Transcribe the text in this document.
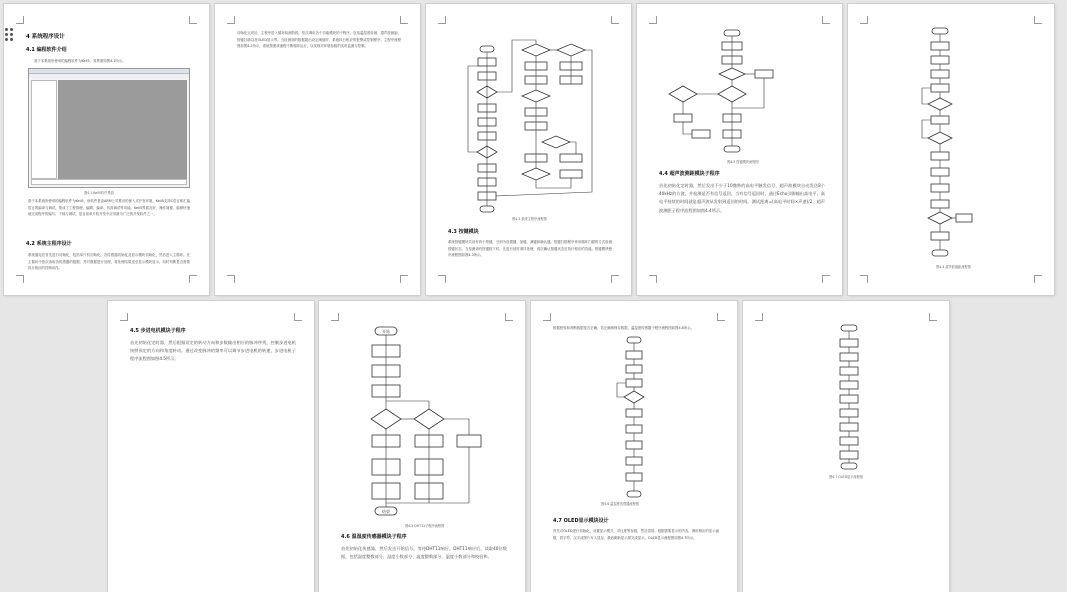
4 系统程序设计
4.1 编程软件介绍
基于本系统所使用的编程软件为Keil5，其界面如图4.1所示。
图4.1 Keil5软件界面
基于本系统所使用的编程软件为Keil5，该软件是由ARM公司推出的嵌入式开发环境，Keil5支持C语言和汇编语言的编译与调试，集成了工程管理、编辑、编译、仿真调试等功能。Keil5界面友好，操作简便，能够快速地完成程序的编写、下载与调试，是目前单片机开发中应用最为广泛的开发软件之一。
4.2 系统主程序设计
系统通电后首先进行初始化，包括单片机初始化、各传感器初始化及显示模块初始化，然后进入主循环。在主循环中依次读取各传感器的数据，并对数据进行处理，将处理结果送至显示模块显示，同时判断是否需要执行相应的控制动作。
初始化完成后，主程序进入循环检测阶段，依次调用各个功能模块的子程序，包括温湿度检测、超声波测距、按键扫描以及OLED显示等。当检测到的数据超出设定阈值时，系统执行相应的报警或控制程序。主程序流程图如图4.2所示，系统按照该流程不断循环运行，以实现对环境参数的实时监测与控制。
图4.2 系统主程序流程图
4.3 按键模块
系统按键模块共设有四个按键，分别为设置键、加键、减键和确认键。按键扫描程序采用循环扫描的方式检测按键状态，当检测到有按键按下时，先进行延时消抖处理，再次确认按键状态后执行相应的功能。按键模块程序流程图如图4.3所示。
图4.3 按键模块流程图
4.4 超声波测距模块子程序
首先初始化定时器，然后发出不少于10微秒的高电平触发信号，超声波模块自动发送8个40kHz的方波，并检测是否有信号返回。当有信号返回时，通过Echo引脚输出高电平，高电平持续的时间就是超声波从发射到返回的时间。测试距离=(高电平时间×声速)/2。超声波测距子程序流程图如图4.4所示。
图4.4 超声波测距流程图
4.5 步进电机模块子程序
首先初始化定时器，然后根据设定的转动方向和步数输出相应的脉冲序列，控制步进电机按照预定的方向和角度转动。通过改变脉冲的频率可以调节步进电机的转速，步进电机子程序流程图如图4.5所示。
开始
结束
图4.5 DHT11子程序流程图
4.6 温湿度传感器模块子程序
首先初始化传感器，然后发送开始信号，等待DHT11响应。DHT11响应后，读取40位数据，包括湿度整数部分、湿度小数部分、温度整数部分、温度小数部分和校验和。
根据校验和判断数据是否正确，若正确则保存数据，温湿度传感器子程序流程图如图4.6所示。
图4.6 温湿度传感器流程图
4.7 OLED显示模块设计
首先对OLED进行初始化，设置显示模式、对比度等参数，然后清屏。根据需要显示的内容，调用相应的显示函数，将字符、汉字或图片写入显存，最后刷新显示屏完成显示。OLED显示流程图如图4.7所示。
图4.7 OLED显示流程图
